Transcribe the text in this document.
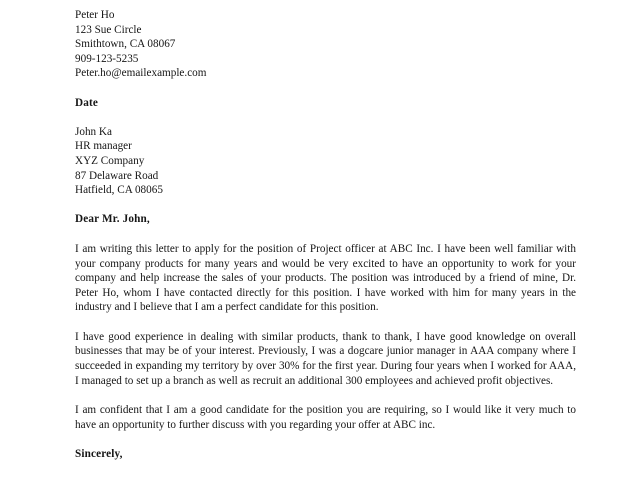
Peter Ho
123 Sue Circle
Smithtown, CA 08067
909-123-5235
Peter.ho@emailexample.com
Date
John Ka
HR manager
XYZ Company
87 Delaware Road
Hatfield, CA 08065
Dear Mr. John,

I am writing this letter to apply for the position of Project officer at ABC Inc. I have been well familiar with your company products for many years and would be very excited to have an opportunity to work for your company and help increase the sales of your products. The position was introduced by a friend of mine, Dr. Peter Ho, whom I have contacted directly for this position. I have worked with him for many years in the industry and I believe that I am a perfect candidate for this position.

I have good experience in dealing with similar products, thank to thank, I have good knowledge on overall businesses that may be of your interest. Previously, I was a dogcare junior manager in AAA company where I succeeded in expanding my territory by over 30% for the first year. During four years when I worked for AAA, I managed to set up a branch as well as recruit an additional 300 employees and achieved profit objectives.

I am confident that I am a good candidate for the position you are requiring, so I would like it very much to have an opportunity to further discuss with you regarding your offer at ABC inc.

Sincerely,
